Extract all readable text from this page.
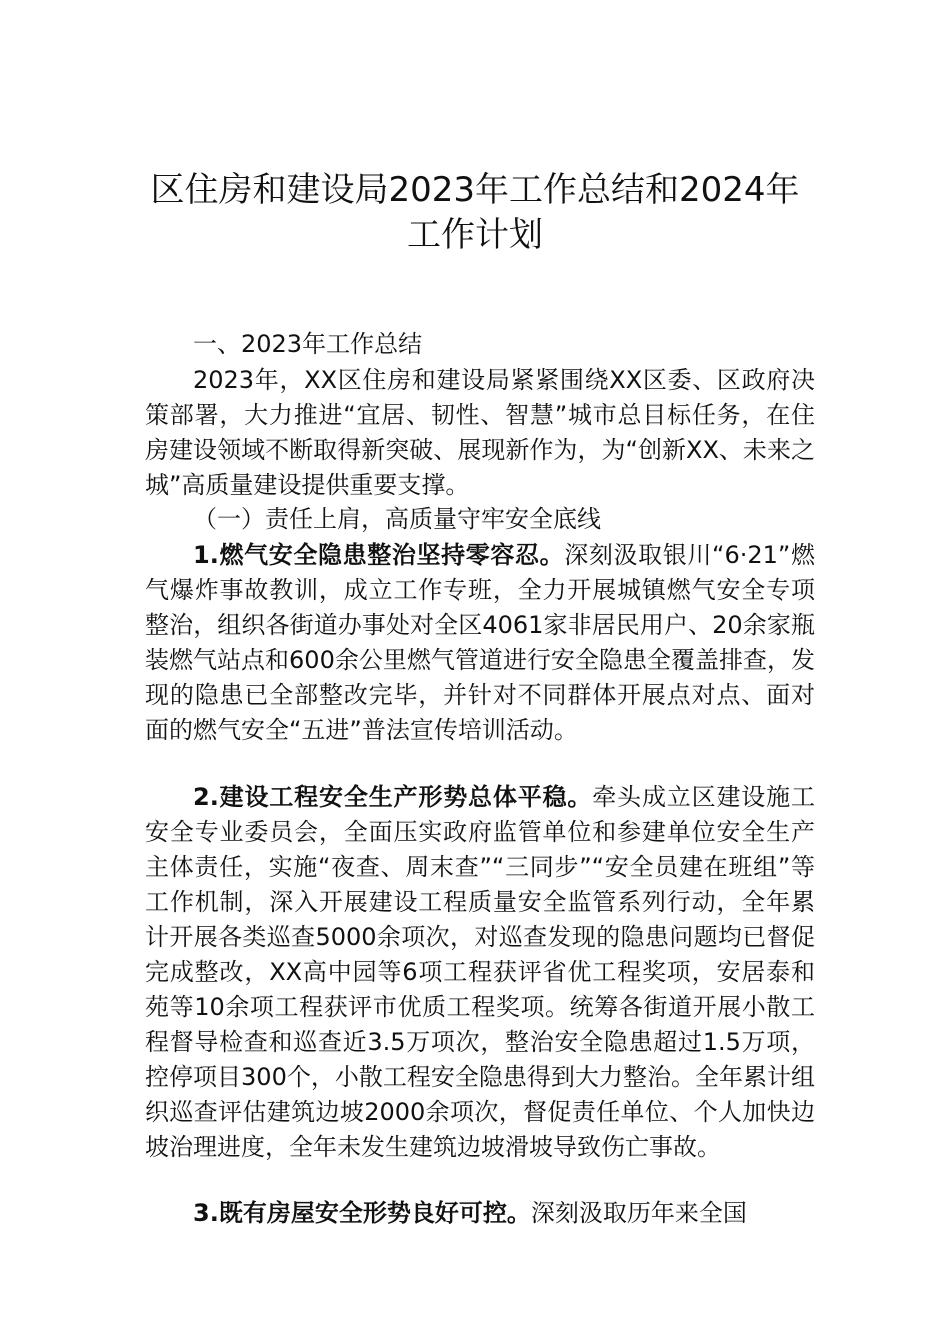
区住房和建设局2023年工作总结和2024年
工作计划
一、2023年工作总结
2023年，XX区住房和建设局紧紧围绕XX区委、区政府决策部署，大力推进“宜居、韧性、智慧”城市总目标任务，在住房建设领域不断取得新突破、展现新作为，为“创新XX、未来之城”高质量建设提供重要支撑。
（一）责任上肩，高质量守牢安全底线
1.燃气安全隐患整治坚持零容忍。深刻汲取银川“6·21”燃气爆炸事故教训，成立工作专班，全力开展城镇燃气安全专项整治，组织各街道办事处对全区4061家非居民用户、20余家瓶装燃气站点和600余公里燃气管道进行安全隐患全覆盖排查，发现的隐患已全部整改完毕，并针对不同群体开展点对点、面对面的燃气安全“五进”普法宣传培训活动。
2.建设工程安全生产形势总体平稳。牵头成立区建设施工安全专业委员会，全面压实政府监管单位和参建单位安全生产主体责任，实施“夜查、周末查”“三同步”“安全员建在班组”等工作机制，深入开展建设工程质量安全监管系列行动，全年累计开展各类巡查5000余项次，对巡查发现的隐患问题均已督促完成整改，XX高中园等6项工程获评省优工程奖项，安居泰和苑等10余项工程获评市优质工程奖项。统筹各街道开展小散工程督导检查和巡查近3.5万项次，整治安全隐患超过1.5万项，控停项目300个，小散工程安全隐患得到大力整治。全年累计组织巡查评估建筑边坡2000余项次，督促责任单位、个人加快边坡治理进度，全年未发生建筑边坡滑坡导致伤亡事故。
3.既有房屋安全形势良好可控。深刻汲取历年来全国
